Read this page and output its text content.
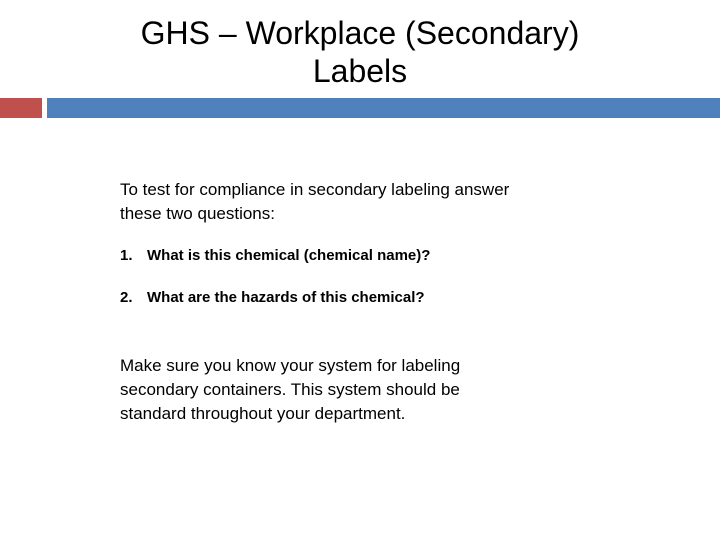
GHS – Workplace (Secondary)
Labels

To test for compliance in secondary labeling answer
these two questions:

1. What is this chemical (chemical name)?
2. What are the hazards of this chemical?

Make sure you know your system for labeling
secondary containers. This system should be
standard throughout your department.
